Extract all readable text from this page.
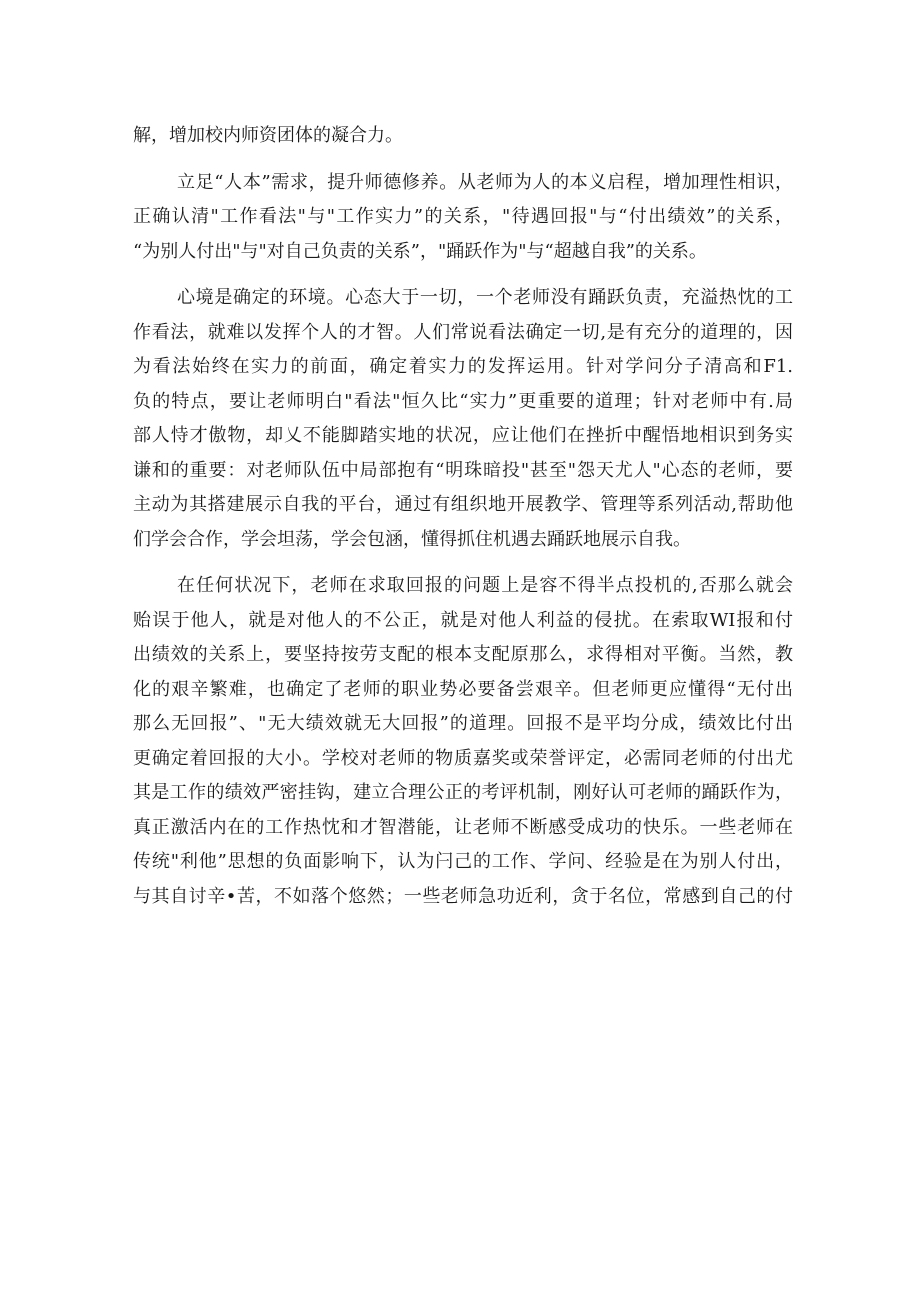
解，增加校内师资团体的凝合力。
立足“人本”需求，提升师德修养。从老师为人的本义启程，增加理性相识，
正确认清"工作看法"与"工作实力”的关系，"待遇回报"与“付出绩效”的关系，
“为别人付出"与"对自己负责的关系”，"踊跃作为"与“超越自我”的关系。
心境是确定的环境。心态大于一切，一个老师没有踊跃负责，充溢热忱的工
作看法，就难以发挥个人的才智。人们常说看法确定一切,是有充分的道理的，因
为看法始终在实力的前面，确定着实力的发挥运用。针对学问分子清高和F1.
负的特点，要让老师明白"看法"恒久比“实力”更重要的道理；针对老师中有.局
部人恃才傲物，却乂不能脚踏实地的状况，应让他们在挫折中醒悟地相识到务实
谦和的重要：对老师队伍中局部抱有“明珠暗投"甚至"怨天尤人"心态的老师，要
主动为其搭建展示自我的平台，通过有组织地开展教学、管理等系列活动,帮助他
们学会合作，学会坦荡，学会包涵，懂得抓住机遇去踊跃地展示自我。
在任何状况下，老师在求取回报的问题上是容不得半点投机的,否那么就会
贻误于他人，就是对他人的不公正，就是对他人利益的侵扰。在索取WI报和付
出绩效的关系上，要坚持按劳支配的根本支配原那么，求得相对平衡。当然，教
化的艰辛繁难，也确定了老师的职业势必要备尝艰辛。但老师更应懂得“无付出
那么无回报”、"无大绩效就无大回报”的道理。回报不是平均分成，绩效比付出
更确定着回报的大小。学校对老师的物质嘉奖或荣誉评定，必需同老师的付出尤
其是工作的绩效严密挂钩，建立合理公正的考评机制，刚好认可老师的踊跃作为，
真正激活内在的工作热忱和才智潜能，让老师不断感受成功的快乐。一些老师在
传统"利他”思想的负面影响下，认为闩己的工作、学问、经验是在为别人付出，
与其自讨辛•苦，不如落个悠然；一些老师急功近利，贪于名位，常感到自己的付
